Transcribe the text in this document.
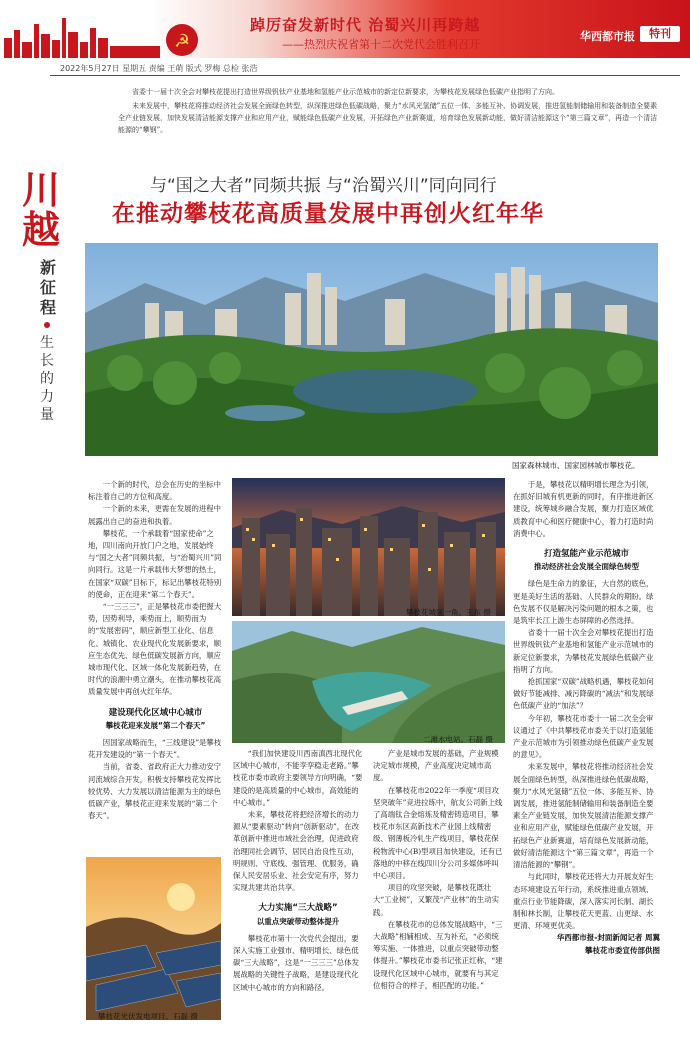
☭
踔厉奋发新时代 治蜀兴川再跨越
——热烈庆祝省第十二次党代会胜利召开
华西都市报	特刊 30
2022年5月27日 星期五 责编 王萌 版式 罗梅 总检 张浩

省委十一届十次全会对攀枝花提出打造世界级钒钛产业基地和氢能产业示范城市的新定位新要求，为攀枝花发展绿色低碳产业指明了方向。

未来发展中，攀枝花将推动经济社会发展全面绿色转型，纵深推进绿色低碳战略，聚力“水风光氢储”五位一体、多能互补、协调发展，推进氢能制储输用和装备制造全要素全产业链发展，加快发展清洁能源支撑产业和应用产业，赋能绿色低碳产业发展，开拓绿色产业新赛道，培育绿色发展新动能，做好清洁能源这个“第三篇文章”，再造一个清洁能源的“攀钢”。

川越
新征程
生长的力量
与“国之大者”同频共振 与“治蜀兴川”同向同行
在推动攀枝花高质量发展中再创火红年华
国家森林城市、国家园林城市攀枝花。

一个新的时代，总会在历史的坐标中标注着自己的方位和高度。

一个新的未来，更需在发展的进程中展露出自己的奋进和执着。

攀枝花，一个承载着“国家使命”之地，四川南向开放门户之地，发展始终与“国之大者”同频共振，与“治蜀兴川”同向同行。这是一片承载伟大梦想的热土，在国家“双碳”目标下，标记出攀枝花特别的使命，正在迎来“第二个春天”。

“一三三三”，正是攀枝花市委把握大势，因势利导，乘势而上，顺势而为的“发展密码”，顺应新型工业化、信息化、城镇化、农业现代化发展新要求，顺应生态优先、绿色低碳发展新方向，顺应城市现代化、区域一体化发展新趋势，在时代的浪潮中勇立潮头，在推动攀枝花高质量发展中再创火红年华。

建设现代化区域中心城市
攀枝花迎来发展“第二个春天”

因国家战略而生，“三线建设”是攀枝花开发建设的“第一个春天”。

当前，省委、省政府正大力推动安宁河流域综合开发，积极支持攀枝花发挥比较优势、大力发展以清洁能源为主的绿色低碳产业，攀枝花正迎来发展的“第二个春天”。

攀枝花光伏发电项目。石磊 摄
攀枝花城区一角。王东 摄
二滩水电站。石磊 摄

“我们加快建设川西南滇西北现代化区域中心城市，不能孪孪稳走老路。”攀枝花市委市政府主要领导方向明确，“要建设的是高质量的中心城市，高效能的中心城市。”

未来，攀枝花将把经济增长的动力源从“要素驱动”转向“创新驱动”，在改革创新中推进市域社会治理，促进政府治理同社会调节、居民自治良性互动，明规则、守底线、强管理、优服务，确保人民安居乐业、社会安定有序，努力实现共建共治共享。

大力实施“三大战略”
以重点突破带动整体提升

攀枝花市第十一次党代会提出，要深入实施工业强市、精明增长、绿色低碳“三大战略”，这是“一三三三”总体发展战略的关键性子战略，是建设现代化区域中心城市的方向和路径。

产业是城市发展的基础，产业规模决定城市规模，产业高度决定城市高度。

在攀枝花市2022年一季度“项目攻坚突破年”竞进拉练中，航友公司新上线了高端钛合金熔炼及精密铸造项目，攀枝花市东区高新技术产业园上线精密级、钢薄板冷轧生产线项目，攀枝花保税物流中心(B)型项目加快建设，还有已落地的中移在线四川分公司多媒体呼叫中心项目。

项目的攻坚突破，是攀枝花既壮大“工业树”，又繁茂“产业林”的生动实践。

在攀枝花市的总体发展战略中，“三大战略”相辅相成、互为补充，“必须统筹实施、一体推进，以重点突破带动整体提升。”攀枝花市委书记张正红称，“建设现代化区域中心城市，就要有与其定位相符合的样子，相匹配的功能。”

于是，攀枝花以精明增长理念为引领，在抓好旧城有机更新的同时，有序推进新区建设，统筹城乡融合发展，聚力打造区域优质教育中心和医疗健康中心，着力打造时尚消费中心。

打造氢能产业示范城市
推动经济社会发展全面绿色转型

绿色是生命力的象征，大自然的底色，更是美好生活的基础、人民群众的期盼。绿色发展不仅是解决污染问题的根本之策，也是筑牢长江上游生态屏障的必然选择。

省委十一届十次全会对攀枝花提出打造世界级钒钛产业基地和氢能产业示范城市的新定位新要求，为攀枝花发展绿色低碳产业指明了方向。

抢抓国家“双碳”战略机遇，攀枝花如何做好节能减排、减污降碳的“减法”和发展绿色低碳产业的“加法”？

今年初，攀枝花市委十一届二次全会审议通过了《中共攀枝花市委关于以打造氢能产业示范城市为引领推动绿色低碳产业发展的意见》。

未来发展中，攀枝花将推动经济社会发展全面绿色转型，纵深推进绿色低碳战略，聚力“水风光氢储”五位一体、多能互补、协调发展，推进氢能制储输用和装备制造全要素全产业链发展，加快发展清洁能源支撑产业和应用产业，赋能绿色低碳产业发展，开拓绿色产业新赛道，培育绿色发展新动能，做好清洁能源这个“第三篇文章”，再造一个清洁能源的“攀钢”。

与此同时，攀枝花还将大力开展友好生态环境建设五年行动，系统推进重点领域、重点行业节能降碳，深入落实河长制、湖长制和林长制，让攀枝花天更蓝、山更绿、水更清、环境更优美。

华西都市报-封面新闻记者 周翼
攀枝花市委宣传部供图
